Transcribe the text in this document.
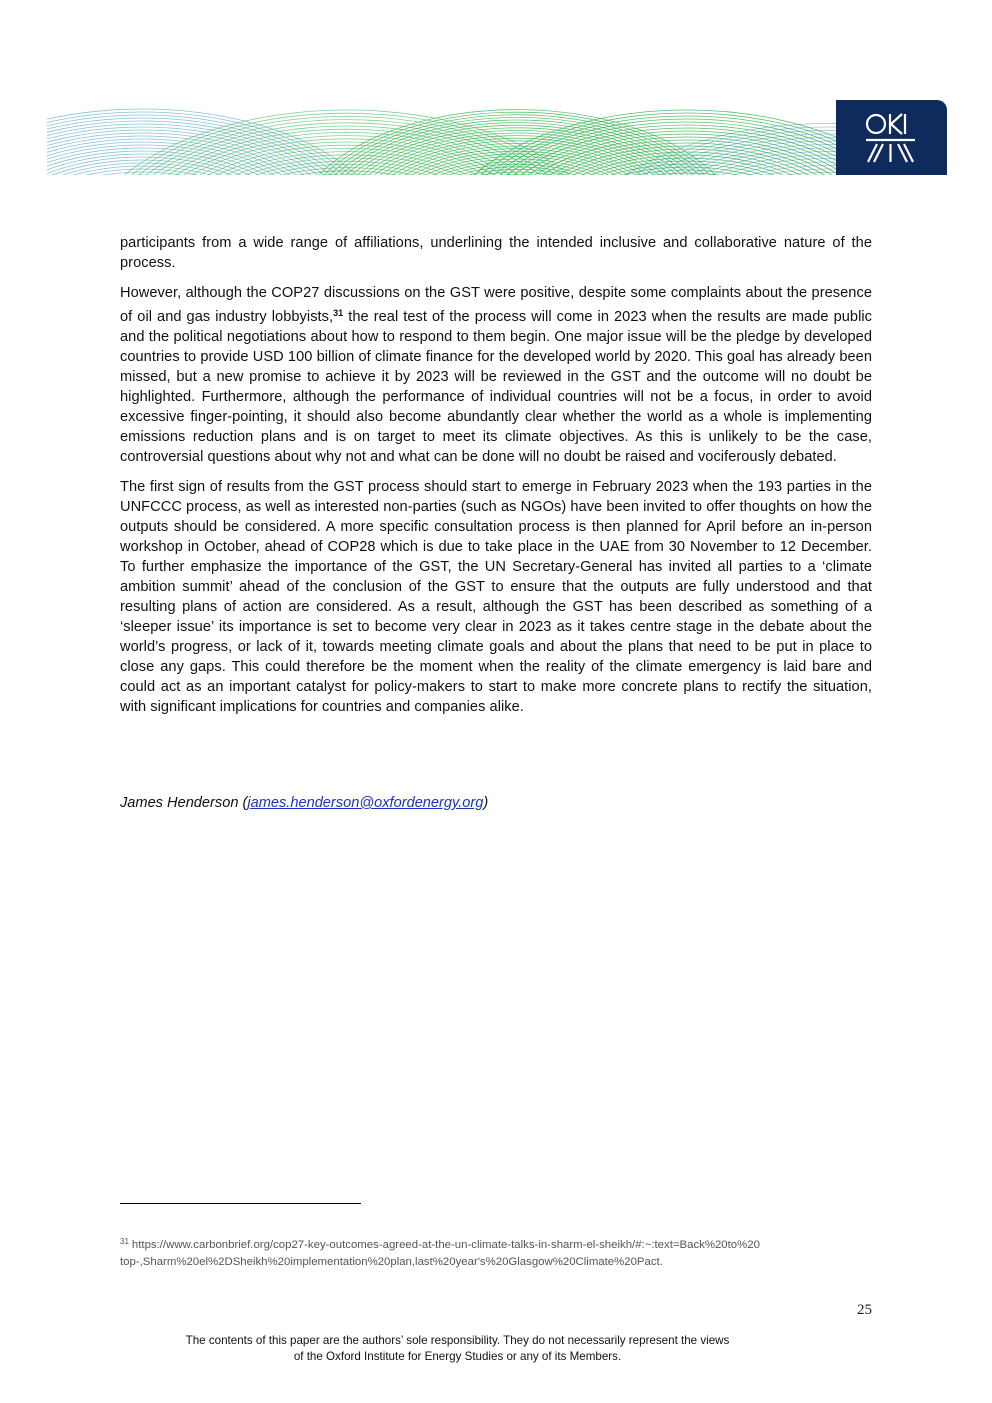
participants from a wide range of affiliations, underlining the intended inclusive and collaborative nature of the process.

However, although the COP27 discussions on the GST were positive, despite some complaints about the presence of oil and gas industry lobbyists,$^{31}$ the real test of the process will come in 2023 when the results are made public and the political negotiations about how to respond to them begin. One major issue will be the pledge by developed countries to provide USD 100 billion of climate finance for the developed world by 2020. This goal has already been missed, but a new promise to achieve it by 2023 will be reviewed in the GST and the outcome will no doubt be highlighted. Furthermore, although the performance of individual countries will not be a focus, in order to avoid excessive finger-pointing, it should also become abundantly clear whether the world as a whole is implementing emissions reduction plans and is on target to meet its climate objectives. As this is unlikely to be the case, controversial questions about why not and what can be done will no doubt be raised and vociferously debated.

The first sign of results from the GST process should start to emerge in February 2023 when the 193 parties in the UNFCCC process, as well as interested non-parties (such as NGOs) have been invited to offer thoughts on how the outputs should be considered. A more specific consultation process is then planned for April before an in-person workshop in October, ahead of COP28 which is due to take place in the UAE from 30 November to 12 December. To further emphasize the importance of the GST, the UN Secretary-General has invited all parties to a ‘climate ambition summit’ ahead of the conclusion of the GST to ensure that the outputs are fully understood and that resulting plans of action are considered. As a result, although the GST has been described as something of a ‘sleeper issue’ its importance is set to become very clear in 2023 as it takes centre stage in the debate about the world’s progress, or lack of it, towards meeting climate goals and about the plans that need to be put in place to close any gaps. This could therefore be the moment when the reality of the climate emergency is laid bare and could act as an important catalyst for policy-makers to start to make more concrete plans to rectify the situation, with significant implications for countries and companies alike.

James Henderson (james.henderson@oxfordenergy.org)
$^{31}$ https://www.carbonbrief.org/cop27-key-outcomes-agreed-at-the-un-climate-talks-in-sharm-el-sheikh/#:~:text=Back%20to%20top-,Sharm%20el%2DSheikh%20implementation%20plan,last%20year's%20Glasgow%20Climate%20Pact.
25
The contents of this paper are the authors’ sole responsibility. They do not necessarily represent the views
of the Oxford Institute for Energy Studies or any of its Members.
